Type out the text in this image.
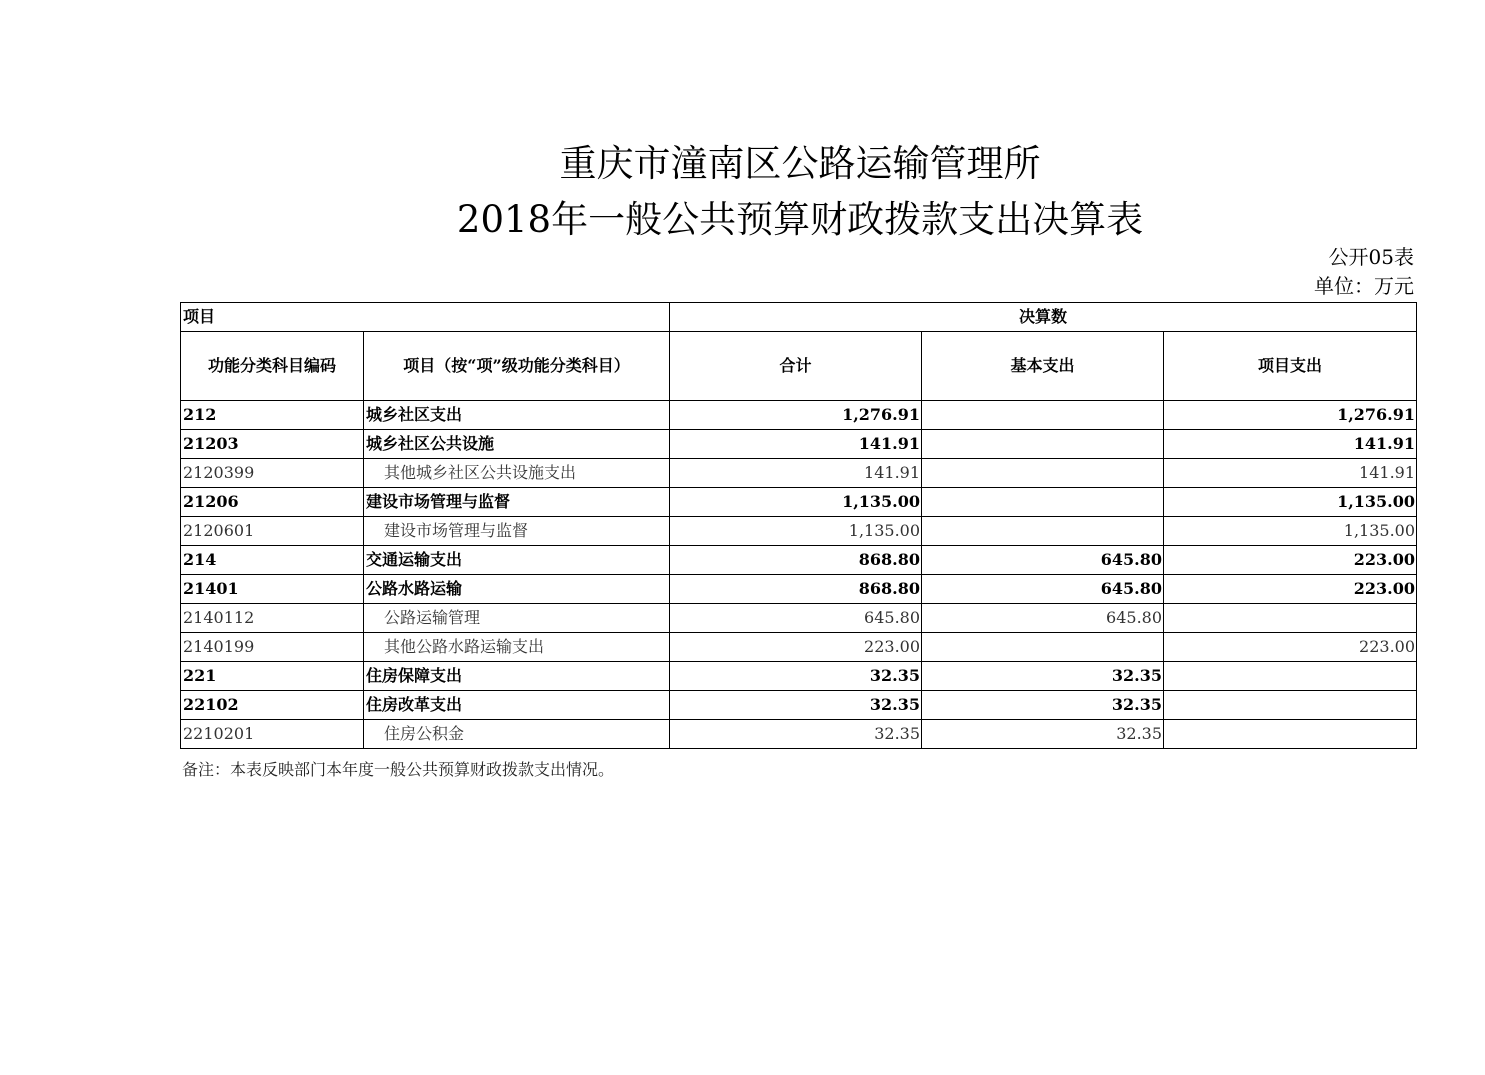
重庆市潼南区公路运输管理所
2018年一般公共预算财政拨款支出决算表
公开05表
单位：万元
项目		决算数		
功能分类科目编码	项目（按“项”级功能分类科目）	合计	基本支出	项目支出
212	城乡社区支出	1,276.91		1,276.91
21203	城乡社区公共设施	141.91		141.91
2120399	其他城乡社区公共设施支出	141.91		141.91
21206	建设市场管理与监督	1,135.00		1,135.00
2120601	建设市场管理与监督	1,135.00		1,135.00
214	交通运输支出	868.80	645.80	223.00
21401	公路水路运输	868.80	645.80	223.00
2140112	公路运输管理	645.80	645.80	
2140199	其他公路水路运输支出	223.00		223.00
221	住房保障支出	32.35	32.35	
22102	住房改革支出	32.35	32.35	
2210201	住房公积金	32.35	32.35	
备注：本表反映部门本年度一般公共预算财政拨款支出情况。
